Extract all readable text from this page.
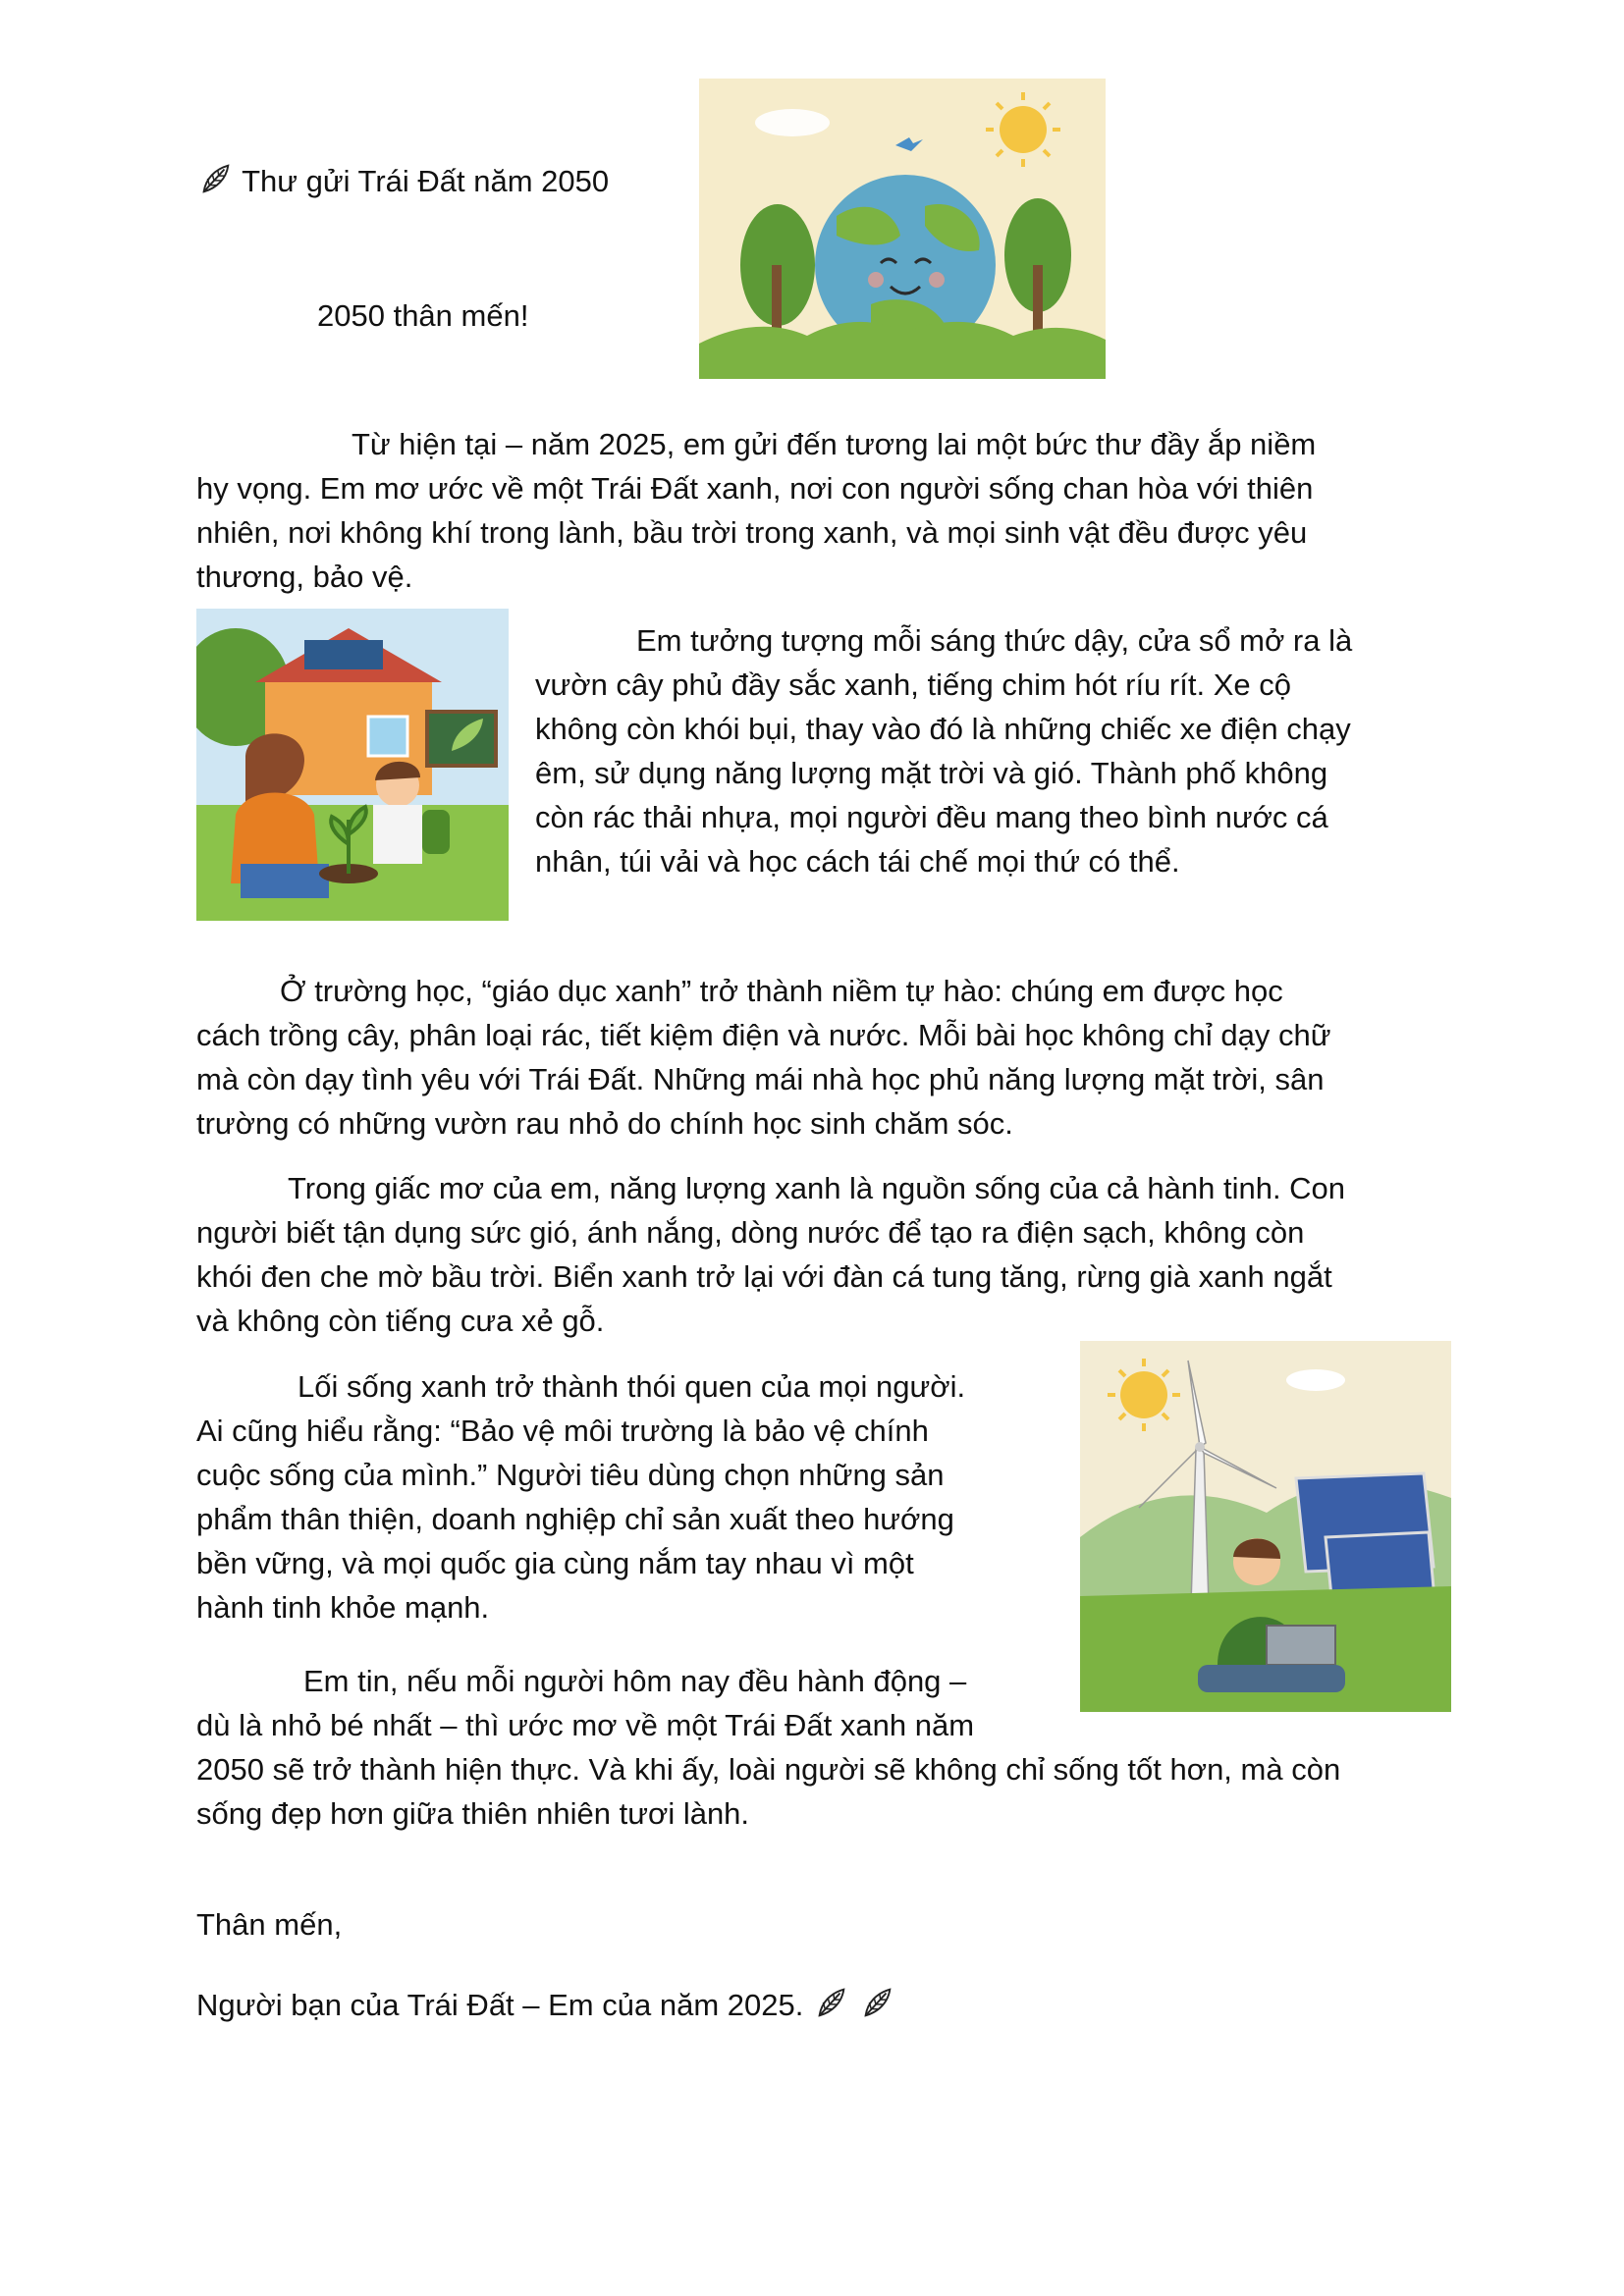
Thư gửi Trái Đất năm 2050
2050 thân mến!
Từ hiện tại – năm 2025, em gửi đến tương lai một bức thư đầy ắp niềm
hy vọng. Em mơ ước về một Trái Đất xanh, nơi con người sống chan hòa với thiên
nhiên, nơi không khí trong lành, bầu trời trong xanh, và mọi sinh vật đều được yêu
thương, bảo vệ.
Em tưởng tượng mỗi sáng thức dậy, cửa sổ mở ra là
vườn cây phủ đầy sắc xanh, tiếng chim hót ríu rít. Xe cộ
không còn khói bụi, thay vào đó là những chiếc xe điện chạy
êm, sử dụng năng lượng mặt trời và gió. Thành phố không
còn rác thải nhựa, mọi người đều mang theo bình nước cá
nhân, túi vải và học cách tái chế mọi thứ có thể.
Ở trường học, “giáo dục xanh” trở thành niềm tự hào: chúng em được học
cách trồng cây, phân loại rác, tiết kiệm điện và nước. Mỗi bài học không chỉ dạy chữ
mà còn dạy tình yêu với Trái Đất. Những mái nhà học phủ năng lượng mặt trời, sân
trường có những vườn rau nhỏ do chính học sinh chăm sóc.
Trong giấc mơ của em, năng lượng xanh là nguồn sống của cả hành tinh. Con
người biết tận dụng sức gió, ánh nắng, dòng nước để tạo ra điện sạch, không còn
khói đen che mờ bầu trời. Biển xanh trở lại với đàn cá tung tăng, rừng già xanh ngắt
và không còn tiếng cưa xẻ gỗ.
Lối sống xanh trở thành thói quen của mọi người.
Ai cũng hiểu rằng: “Bảo vệ môi trường là bảo vệ chính
cuộc sống của mình.” Người tiêu dùng chọn những sản
phẩm thân thiện, doanh nghiệp chỉ sản xuất theo hướng
bền vững, và mọi quốc gia cùng nắm tay nhau vì một
hành tinh khỏe mạnh.
Em tin, nếu mỗi người hôm nay đều hành động –
dù là nhỏ bé nhất – thì ước mơ về một Trái Đất xanh năm
2050 sẽ trở thành hiện thực. Và khi ấy, loài người sẽ không chỉ sống tốt hơn, mà còn
sống đẹp hơn giữa thiên nhiên tươi lành.
Thân mến,
Người bạn của Trái Đất – Em của năm 2025.
